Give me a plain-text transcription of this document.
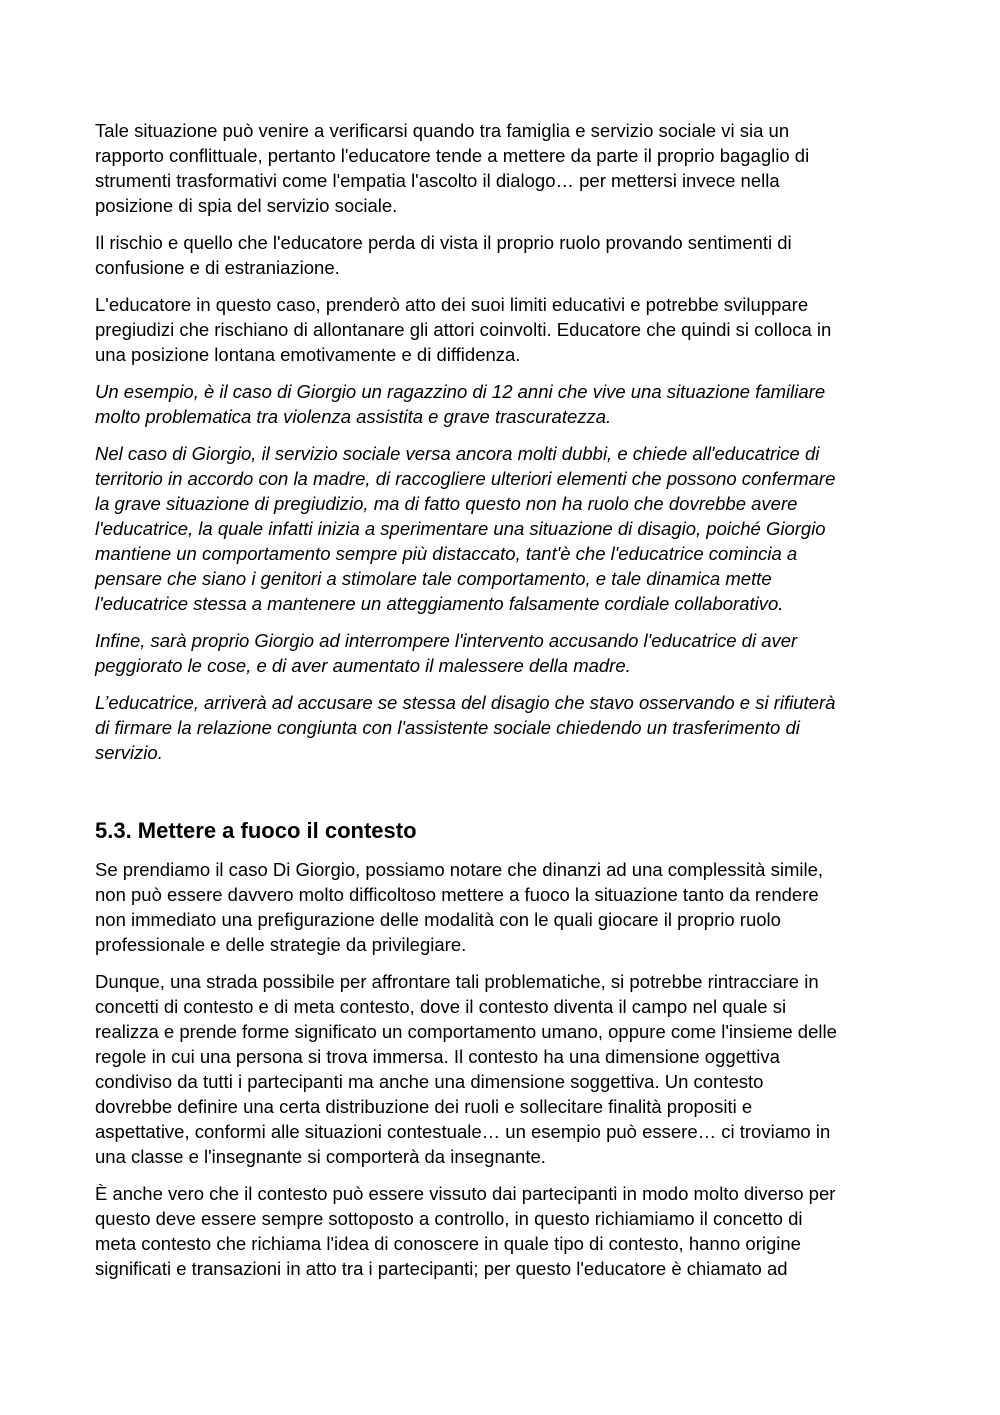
Tale situazione può venire a verificarsi quando tra famiglia e servizio sociale vi sia un
rapporto conflittuale, pertanto l'educatore tende a mettere da parte il proprio bagaglio di
strumenti trasformativi come l'empatia l'ascolto il dialogo… per mettersi invece nella
posizione di spia del servizio sociale.

Il rischio e quello che l'educatore perda di vista il proprio ruolo provando sentimenti di
confusione e di estraniazione.

L'educatore in questo caso, prenderò atto dei suoi limiti educativi e potrebbe sviluppare
pregiudizi che rischiano di allontanare gli attori coinvolti. Educatore che quindi si colloca in
una posizione lontana emotivamente e di diffidenza.

Un esempio, è il caso di Giorgio un ragazzino di 12 anni che vive una situazione familiare
molto problematica tra violenza assistita e grave trascuratezza.

Nel caso di Giorgio, il servizio sociale versa ancora molti dubbi, e chiede all'educatrice di
territorio in accordo con la madre, di raccogliere ulteriori elementi che possono confermare
la grave situazione di pregiudizio, ma di fatto questo non ha ruolo che dovrebbe avere
l'educatrice, la quale infatti inizia a sperimentare una situazione di disagio, poiché Giorgio
mantiene un comportamento sempre più distaccato, tant'è che l'educatrice comincia a
pensare che siano i genitori a stimolare tale comportamento, e tale dinamica mette
l'educatrice stessa a mantenere un atteggiamento falsamente cordiale collaborativo.

Infine, sarà proprio Giorgio ad interrompere l'intervento accusando l'educatrice di aver
peggiorato le cose, e di aver aumentato il malessere della madre.

L’educatrice, arriverà ad accusare se stessa del disagio che stavo osservando e si rifiuterà
di firmare la relazione congiunta con l'assistente sociale chiedendo un trasferimento di
servizio.

5.3. Mettere a fuoco il contesto

Se prendiamo il caso Di Giorgio, possiamo notare che dinanzi ad una complessità simile,
non può essere davvero molto difficoltoso mettere a fuoco la situazione tanto da rendere
non immediato una prefigurazione delle modalità con le quali giocare il proprio ruolo
professionale e delle strategie da privilegiare.

Dunque, una strada possibile per affrontare tali problematiche, si potrebbe rintracciare in
concetti di contesto e di meta contesto, dove il contesto diventa il campo nel quale si
realizza e prende forme significato un comportamento umano, oppure come l'insieme delle
regole in cui una persona si trova immersa. Il contesto ha una dimensione oggettiva
condiviso da tutti i partecipanti ma anche una dimensione soggettiva. Un contesto
dovrebbe definire una certa distribuzione dei ruoli e sollecitare finalità propositi e
aspettative, conformi alle situazioni contestuale… un esempio può essere… ci troviamo in
una classe e l'insegnante si comporterà da insegnante.

È anche vero che il contesto può essere vissuto dai partecipanti in modo molto diverso per
questo deve essere sempre sottoposto a controllo, in questo richiamiamo il concetto di
meta contesto che richiama l'idea di conoscere in quale tipo di contesto, hanno origine
significati e transazioni in atto tra i partecipanti; per questo l'educatore è chiamato ad
